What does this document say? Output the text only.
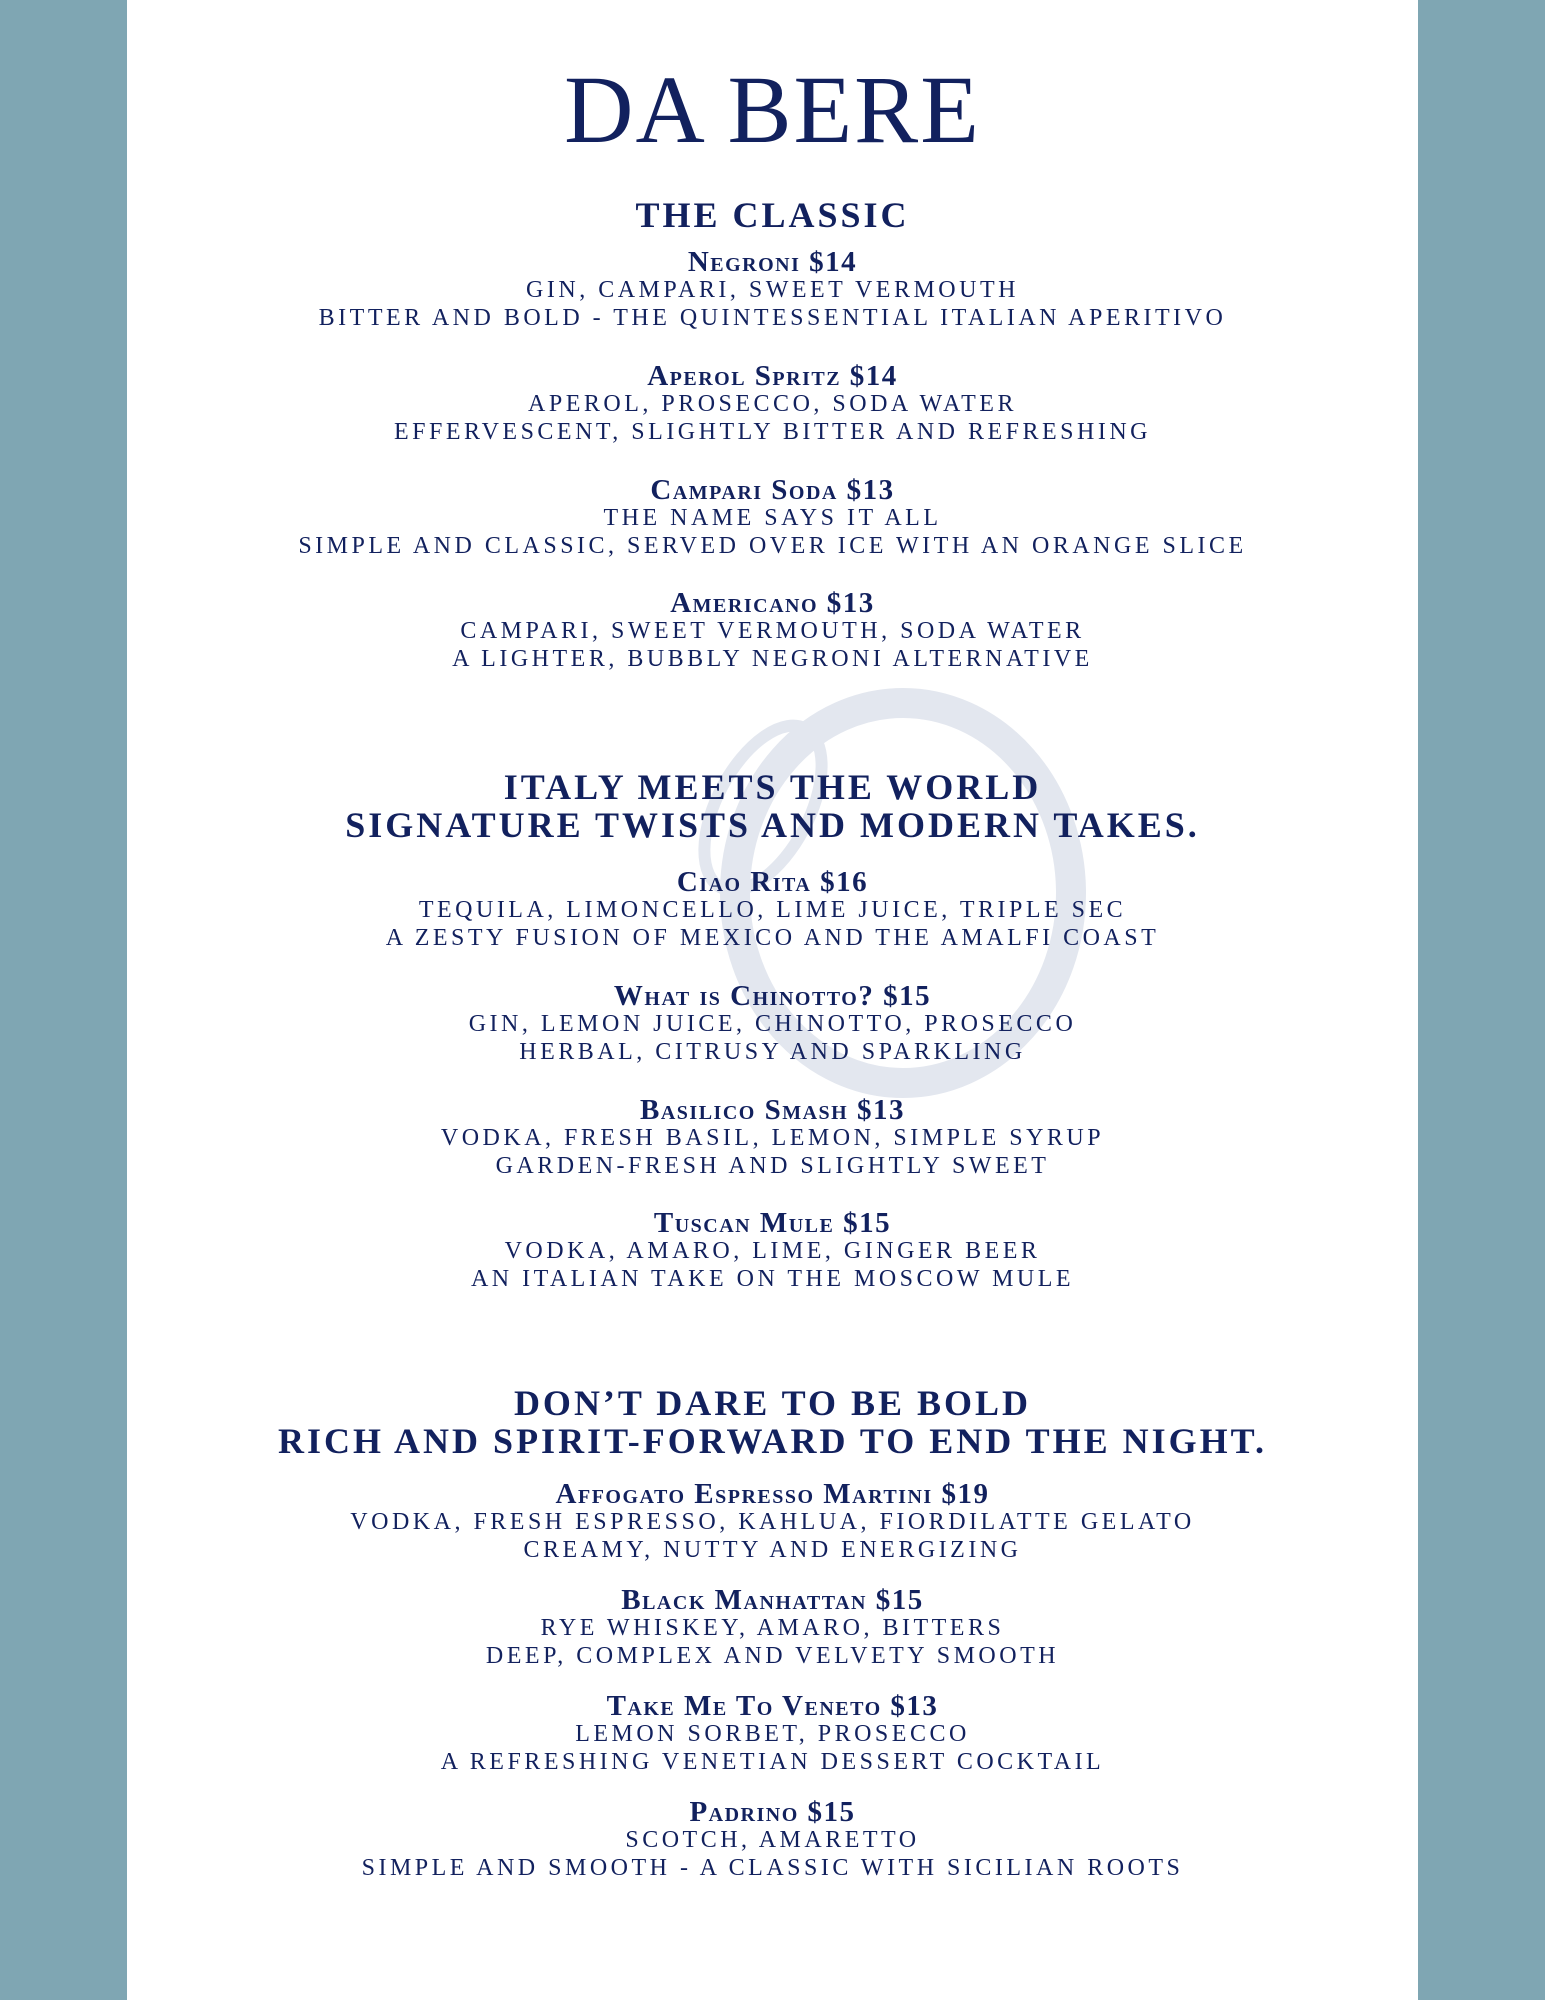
DA BERE
THE CLASSIC
Negroni $14
GIN, CAMPARI, SWEET VERMOUTH
BITTER AND BOLD - THE QUINTESSENTIAL ITALIAN APERITIVO
Aperol Spritz $14
APEROL, PROSECCO, SODA WATER
EFFERVESCENT, SLIGHTLY BITTER AND REFRESHING
Campari Soda $13
THE NAME SAYS IT ALL
SIMPLE AND CLASSIC, SERVED OVER ICE WITH AN ORANGE SLICE
Americano $13
CAMPARI, SWEET VERMOUTH, SODA WATER
A LIGHTER, BUBBLY NEGRONI ALTERNATIVE
ITALY MEETS THE WORLD
SIGNATURE TWISTS AND MODERN TAKES.
Ciao Rita $16
TEQUILA, LIMONCELLO, LIME JUICE, TRIPLE SEC
A ZESTY FUSION OF MEXICO AND THE AMALFI COAST
What is Chinotto? $15
GIN, LEMON JUICE, CHINOTTO, PROSECCO
HERBAL, CITRUSY AND SPARKLING
Basilico Smash $13
VODKA, FRESH BASIL, LEMON, SIMPLE SYRUP
GARDEN-FRESH AND SLIGHTLY SWEET
Tuscan Mule $15
VODKA, AMARO, LIME, GINGER BEER
AN ITALIAN TAKE ON THE MOSCOW MULE
DON’T DARE TO BE BOLD
RICH AND SPIRIT-FORWARD TO END THE NIGHT.
Affogato Espresso Martini $19
VODKA, FRESH ESPRESSO, KAHLUA, FIORDILATTE GELATO
CREAMY, NUTTY AND ENERGIZING
Black Manhattan $15
RYE WHISKEY, AMARO, BITTERS
DEEP, COMPLEX AND VELVETY SMOOTH
Take Me To Veneto $13
LEMON SORBET, PROSECCO
A REFRESHING VENETIAN DESSERT COCKTAIL
Padrino $15
SCOTCH, AMARETTO
SIMPLE AND SMOOTH - A CLASSIC WITH SICILIAN ROOTS
